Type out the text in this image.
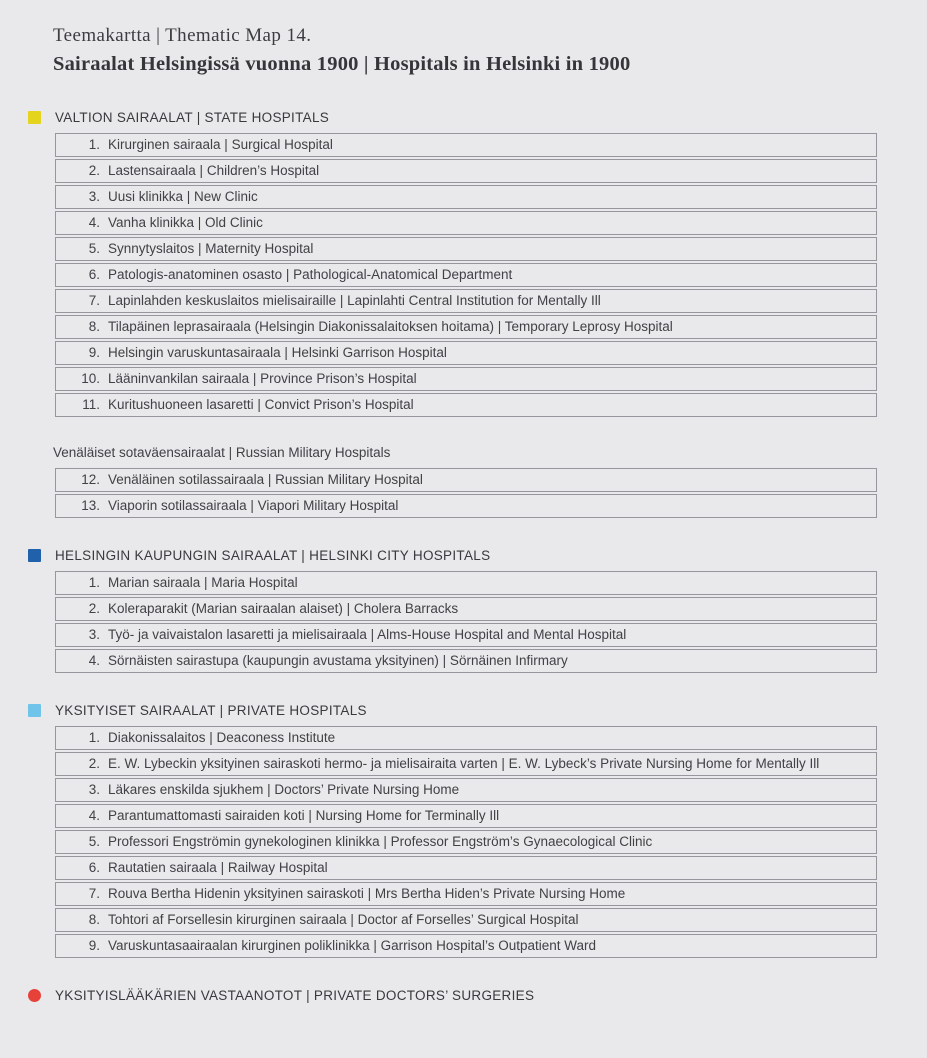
Teemakartta | Thematic Map 14.
Sairaalat Helsingissä vuonna 1900 | Hospitals in Helsinki in 1900
VALTION SAIRAALAT | STATE HOSPITALS
1. Kirurginen sairaala | Surgical Hospital
2. Lastensairaala | Children’s Hospital
3. Uusi klinikka | New Clinic
4. Vanha klinikka | Old Clinic
5. Synnytyslaitos | Maternity Hospital
6. Patologis-anatominen osasto | Pathological-Anatomical Department
7. Lapinlahden keskuslaitos mielisairaille | Lapinlahti Central Institution for Mentally Ill
8. Tilapäinen leprasairaala (Helsingin Diakonissalaitoksen hoitama) | Temporary Leprosy Hospital
9. Helsingin varuskuntasairaala | Helsinki Garrison Hospital
10. Lääninvankilan sairaala | Province Prison’s Hospital
11. Kuritushuoneen lasaretti | Convict Prison’s Hospital
Venäläiset sotaväensairaalat | Russian Military Hospitals
12. Venäläinen sotilassairaala | Russian Military Hospital
13. Viaporin sotilassairaala | Viapori Military Hospital
HELSINGIN KAUPUNGIN SAIRAALAT | HELSINKI CITY HOSPITALS
1. Marian sairaala | Maria Hospital
2. Koleraparakit (Marian sairaalan alaiset) | Cholera Barracks
3. Työ- ja vaivaistalon lasaretti ja mielisairaala | Alms-House Hospital and Mental Hospital
4. Sörnäisten sairastupa (kaupungin avustama yksityinen) | Sörnäinen Infirmary
YKSITYISET SAIRAALAT | PRIVATE HOSPITALS
1. Diakonissalaitos | Deaconess Institute
2. E. W. Lybeckin yksityinen sairaskoti hermo- ja mielisairaita varten | E. W. Lybeck’s Private Nursing Home for Mentally Ill
3. Läkares enskilda sjukhem | Doctors’ Private Nursing Home
4. Parantumattomasti sairaiden koti | Nursing Home for Terminally Ill
5. Professori Engströmin gynekologinen klinikka | Professor Engström’s Gynaecological Clinic
6. Rautatien sairaala | Railway Hospital
7. Rouva Bertha Hidenin yksityinen sairaskoti | Mrs Bertha Hiden’s Private Nursing Home
8. Tohtori af Forsellesin kirurginen sairaala | Doctor af Forselles’ Surgical Hospital
9. Varuskuntasaairaalan kirurginen poliklinikka | Garrison Hospital’s Outpatient Ward
YKSITYISLÄÄKÄRIEN VASTAANOTOT | PRIVATE DOCTORS’ SURGERIES
